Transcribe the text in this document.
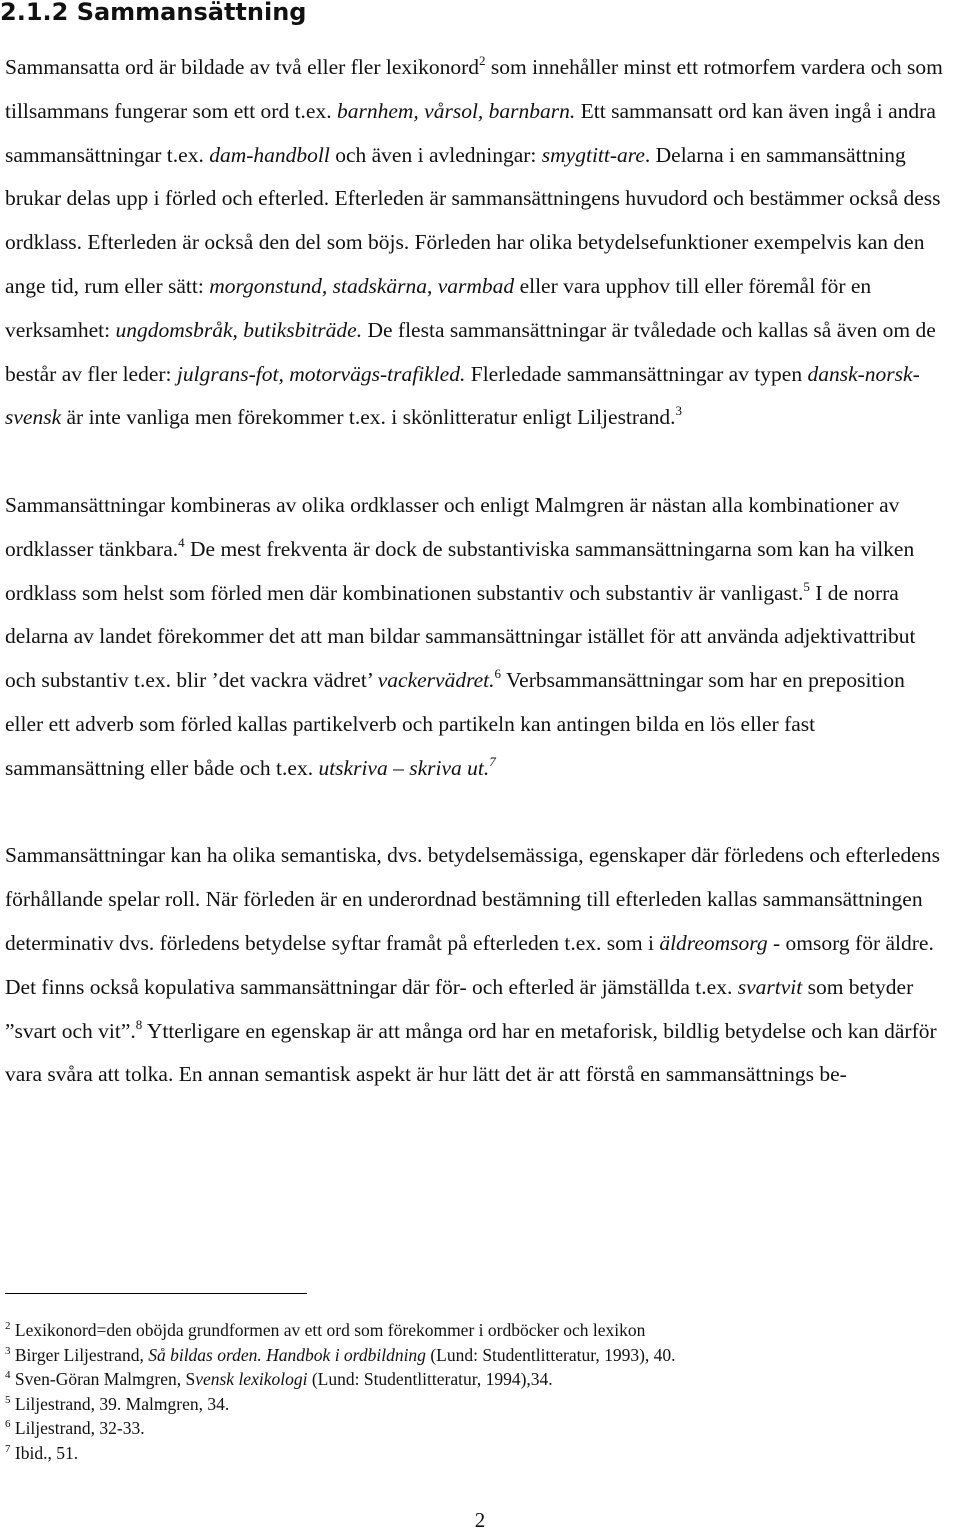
2.1.2 Sammansättning

Sammansatta ord är bildade av två eller fler lexikonord$^2$ som innehåller minst ett rotmorfem vardera och som tillsammans fungerar som ett ord t.ex. barnhem, vårsol, barnbarn. Ett sammansatt ord kan även ingå i andra sammansättningar t.ex. dam-handboll och även i avledningar: smygtitt-are. Delarna i en sammansättning brukar delas upp i förled och efterled. Efterleden är sammansättningens huvudord och bestämmer också dess ordklass. Efterleden är också den del som böjs. Förleden har olika betydelsefunktioner exempelvis kan den ange tid, rum eller sätt: morgonstund, stadskärna, varmbad eller vara upphov till eller föremål för en verksamhet: ungdomsbråk, butiksbiträde. De flesta sammansättningar är tvåledade och kallas så även om de består av fler leder: julgrans-fot, motorvägs-trafikled. Flerledade sammansättningar av typen dansk-norsk-svensk är inte vanliga men förekommer t.ex. i skönlitteratur enligt Liljestrand.$^3$

Sammansättningar kombineras av olika ordklasser och enligt Malmgren är nästan alla kombinationer av ordklasser tänkbara.$^4$ De mest frekventa är dock de substantiviska sammansättningarna som kan ha vilken ordklass som helst som förled men där kombinationen substantiv och substantiv är vanligast.$^5$ I de norra delarna av landet förekommer det att man bildar sammansättningar istället för att använda adjektivattribut och substantiv t.ex. blir ’det vackra vädret’ vackervädret.$^6$ Verbsammansättningar som har en preposition eller ett adverb som förled kallas partikelverb och partikeln kan antingen bilda en lös eller fast sammansättning eller både och t.ex. utskriva – skriva ut.$^7$

Sammansättningar kan ha olika semantiska, dvs. betydelsemässiga, egenskaper där förledens och efterledens förhållande spelar roll. När förleden är en underordnad bestämning till efterleden kallas sammansättningen determinativ dvs. förledens betydelse syftar framåt på efterleden t.ex. som i äldreomsorg - omsorg för äldre. Det finns också kopulativa sammansättningar där för- och efterled är jämställda t.ex. svartvit som betyder ”svart och vit”.$^8$ Ytterligare en egenskap är att många ord har en metaforisk, bildlig betydelse och kan därför vara svåra att tolka. En annan semantisk aspekt är hur lätt det är att förstå en sammansättnings be-

$^2$ Lexikonord=den oböjda grundformen av ett ord som förekommer i ordböcker och lexikon
$^3$ Birger Liljestrand, Så bildas orden. Handbok i ordbildning (Lund: Studentlitteratur, 1993), 40.
$^4$ Sven-Göran Malmgren, Svensk lexikologi (Lund: Studentlitteratur, 1994),34.
$^5$ Liljestrand, 39. Malmgren, 34.
$^6$ Liljestrand, 32-33.
$^7$ Ibid., 51.
2
